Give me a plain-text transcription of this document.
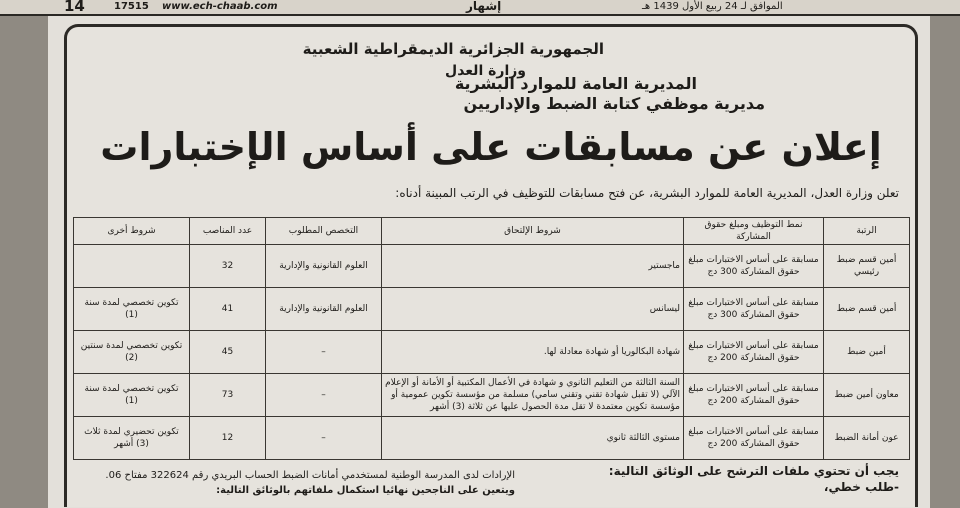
14	17515 www.ech-chaab.com	إشهار	الموافق لـ 24 ربيع الأول 1439 هـ
الجمهورية الجزائرية الديمقراطية الشعبية
وزارة العدل
المديرية العامة للموارد البشرية
مديرية موظفي كتابة الضبط والإداريين
إعلان عن مسابقات على أساس الإختبارات
تعلن وزارة العدل، المديرية العامة للموارد البشرية، عن فتح مسابقات للتوظيف في الرتب المبينة أدناه:
الرتبة	نمط التوظيف ومبلغ حقوق المشاركة	شروط الإلتحاق	التخصص المطلوب	عدد المناصب	شروط أخرى
أمين قسم ضبط رئيسي	مسابقة على أساس الاختبارات مبلغ حقوق المشاركة 300 دج	ماجستير	العلوم القانونية والإدارية	32	
أمين قسم ضبط	مسابقة على أساس الاختبارات مبلغ حقوق المشاركة 300 دج	ليسانس	العلوم القانونية والإدارية	41	تكوين تخصصي لمدة سنة (1)
أمين ضبط	مسابقة على أساس الاختبارات مبلغ حقوق المشاركة 200 دج	شهادة البكالوريا أو شهادة معادلة لها.	–	45	تكوين تخصصي لمدة سنتين (2)
معاون أمين ضبط	مسابقة على أساس الاختبارات مبلغ حقوق المشاركة 200 دج	السنة الثالثة من التعليم الثانوي و شهادة في الأعمال المكتبية أو الأمانة أو الإعلام الآلي (لا تقبل شهادة تقني وتقني سامي) مسلمة من مؤسسة تكوين عمومية أو مؤسسة تكوين معتمدة لا تقل مدة الحصول عليها عن ثلاثة (3) أشهر	–	73	تكوين تخصصي لمدة سنة (1)
عون أمانة الضبط	مسابقة على أساس الاختبارات مبلغ حقوق المشاركة 200 دج	مستوى الثالثة ثانوي	–	12	تكوين تحضيري لمدة ثلاث (3) أشهر
يجب أن تحتوي ملفات الترشح على الوثائق التالية:
-طلب خطي،
الإرادات لدى المدرسة الوطنية لمستخدمي أمانات الضبط الحساب البريدي رقم 322624 مفتاح 06.
ويتعين على الناجحين نهائيا استكمال ملفاتهم بالوثائق التالية:
